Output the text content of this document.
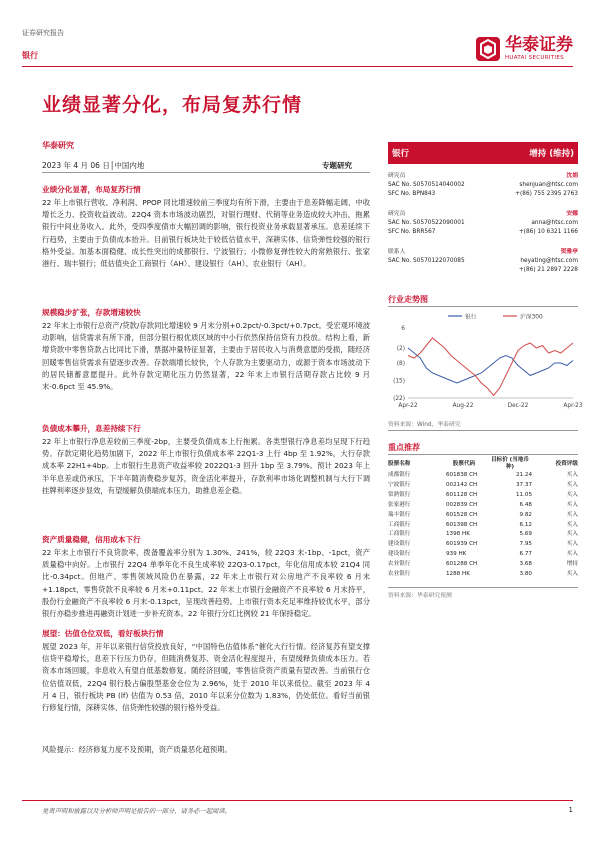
证券研究报告
银行
华泰证券
HUATAI SECURITIES
业绩显著分化，布局复苏行情
华泰研究
2023 年 4 月 06 日│中国内地	专题研究
业绩分化显著，布局复苏行情

22 年上市银行营收、净利润、PPOP 同比增速较前三季度均有所下滑，主要由于息差降幅走阔、中收增长乏力、投资收益波动。22Q4 资本市场波动剧烈，对银行理财、代销等业务造成较大冲击，拖累银行中间业务收入。此外，受四季度债市大幅回调的影响，银行投资业务承载显著承压。息差延续下行趋势，主要由于负债成本抬升。目前银行板块处于较低估值水平，深耕实体、信贷弹性较强的银行格外受益。加基本面稳健、成长性突出的成都银行、宁波银行；小微修复弹性较大的常熟银行、张家港行、瑞丰银行；低估值央企工商银行（AH）、建设银行（AH）、农业银行（AH）。

规模稳步扩张，存款增速较快

22 年末上市银行总资产/贷款/存款同比增速较 9 月末分别+0.2pct/-0.3pct/+0.7pct。受宏观环境波动影响，信贷需求有所下滑，但部分银行根优质区域的中小行依然保持信贷有力投放。结构上看，新增贷款中零售贷款占比同比下滑，票据冲量特征显著，主要由于居民收入与消费意愿的受损，随经济回暖零售信贷需求有望逐步改善。存款端增长较快，个人存款为主要驱动力，或源于资本市场波动下的居民储蓄意愿提升。此外存款定期化压力仍然显著，22 年末上市银行活期存款占比较 9 月末-0.6pct 至 45.9%。

负债成本攀升，息差持续下行

22 年上市银行净息差较前三季度-2bp，主要受负债成本上行拖累。各类型银行净息差均呈现下行趋势。存款定期化趋势加剧下，2022 年上市银行负债成本率 22Q1-3 上行 4bp 至 1.92%，大行存款成本率 22H1+4bp。上市银行生息资产收益率较 2022Q1-3 回升 1bp 至 3.79%。预计 2023 年上半年息差或仍承压，下半年随消费稳步复苏，资金活化率提升，存款利率市场化调整机制与大行下调挂牌利率逐步显效，有望缓解负债端成本压力，助推息差企稳。

资产质量稳健，信用成本下行

22 年末上市银行不良贷款率、拨备覆盖率分别为 1.30%、241%，较 22Q3 末-1bp、-1pct，资产质量稳中向好。上市银行 22Q4 单季年化不良生成率较 22Q3-0.17pct，年化信用成本较 21Q4 同比-0.34pct。但地产、零售领域风险仍在暴露，22 年末上市银行对公房地产不良率较 6 月末+1.18pct，零售贷款不良率较 6 月末+0.11pct。22 年末上市银行金融资产不良率较 6 月末持平，股份行金融资产不良率较 6 月末-0.13pct，呈现改善趋势。上市银行资本充足率维持较优水平，部分银行亦稳步推进再融资计划进一步补充资本。22 年银行分红比例较 21 年保持稳定。

展望：估值仓位双低，看好板块行情

展望 2023 年，开年以来银行信贷投放良好，“中国特色估值体系”催化大行行情。经济复苏有望支撑信贷平稳增长，息差下行压力仍存，但随消费复苏、资金活化程度提升，有望缓释负债成本压力。若资本市场回暖，非息收入有望自低基数修复。随经济回暖，零售信贷资产质量有望改善。当前银行仓位估值双低，22Q4 银行股占偏股型基金仓位为 2.96%，处于 2010 年以来低位。截至 2023 年 4 月 4 日，银行板块 PB (lf) 估值为 0.53 倍，2010 年以来分位数为 1.83%，仍处低位。看好当前银行修复行情，深耕实体、信贷弹性较强的银行格外受益。

风险提示：经济修复力度不及预期，资产质量恶化超预期。

银行	增持 (维持)
研究员	沈娟
SAC No. S0570514040002	shenjuan@htsc.com
SFC No. BPN843	+(86) 755 2395 2763
研究员	安娜
SAC No. S0570522090001	anna@htsc.com
SFC No. BRR567	+(86) 10 6321 1166
联系人	贺雅亭
SAC No. S0570122070085	heyating@htsc.com
+(86) 21 2897 2228
行业走势图
银行	沪深300
6
(2)
(8)
(15)
(22)
Apr-22	Aug-22	Dec-22	Apr-23
资料来源：Wind，华泰研究
重点推荐
股票名称	股票代码	目标价 (当地币种)	投资评级
成都银行	601838 CH	21.24	买入
宁波银行	002142 CH	37.37	买入
常熟银行	601128 CH	11.05	买入
张家港行	002839 CH	6.48	买入
瑞丰银行	601528 CH	9.82	买入
工商银行	601398 CH	6.12	买入
工商银行	1398 HK	5.69	买入
建设银行	601939 CH	7.95	买入
建设银行	939 HK	6.77	买入
农业银行	601288 CH	3.68	增持
农业银行	1288 HK	3.80	买入
资料来源：华泰研究预测
免责声明和披露以及分析师声明是报告的一部分，请务必一起阅读。	1
